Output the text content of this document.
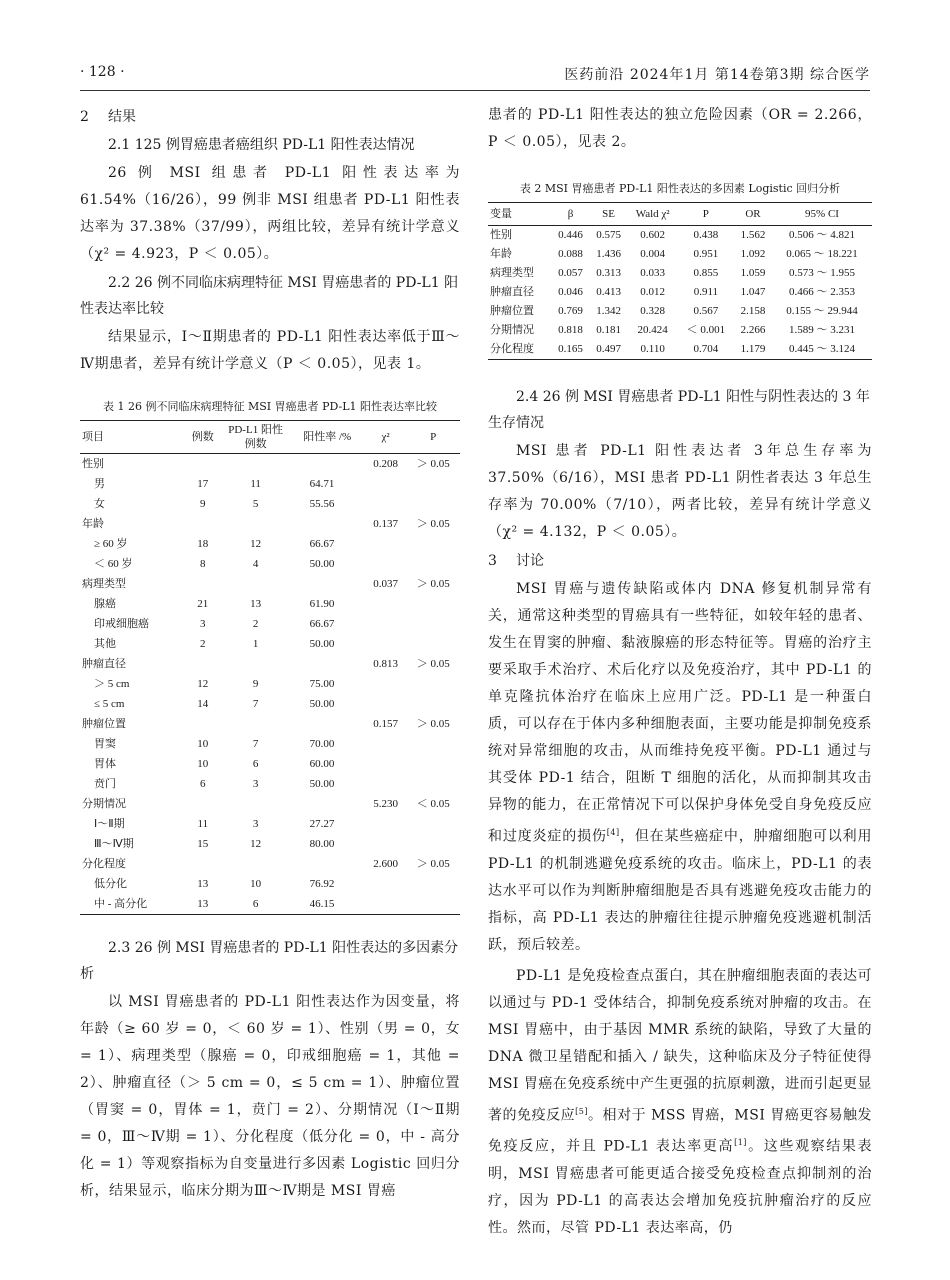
· 128 ·	医药前沿 2024年1月 第14卷第3期 综合医学
2 结果
2.1 125 例胃癌患者癌组织 PD-L1 阳性表达情况

26 例 MSI 组患者 PD-L1 阳性表达率为 61.54%（16/26），99 例非 MSI 组患者 PD-L1 阳性表达率为 37.38%（37/99），两组比较，差异有统计学意义（χ² = 4.923，P ＜ 0.05）。

2.2 26 例不同临床病理特征 MSI 胃癌患者的 PD-L1 阳性表达率比较

结果显示，Ⅰ～Ⅱ期患者的 PD-L1 阳性表达率低于Ⅲ～Ⅳ期患者，差异有统计学意义（P ＜ 0.05），见表 1。

表 1 26 例不同临床病理特征 MSI 胃癌患者 PD-L1 阳性表达率比较
项目	例数	PD-L1 阳性例数	阳性率 /%	χ²	P
性别				0.208	＞ 0.05
男	17	11	64.71		
女	9	5	55.56		
年龄				0.137	＞ 0.05
≥ 60 岁	18	12	66.67		
＜ 60 岁	8	4	50.00		
病理类型				0.037	＞ 0.05
腺癌	21	13	61.90		
印戒细胞癌	3	2	66.67		
其他	2	1	50.00		
肿瘤直径				0.813	＞ 0.05
＞ 5 cm	12	9	75.00		
≤ 5 cm	14	7	50.00		
肿瘤位置				0.157	＞ 0.05
胃窦	10	7	70.00		
胃体	10	6	60.00		
贲门	6	3	50.00		
分期情况				5.230	＜ 0.05
Ⅰ～Ⅱ期	11	3	27.27		
Ⅲ～Ⅳ期	15	12	80.00		
分化程度				2.600	＞ 0.05
低分化	13	10	76.92		
中 - 高分化	13	6	46.15		
2.3 26 例 MSI 胃癌患者的 PD-L1 阳性表达的多因素分析

以 MSI 胃癌患者的 PD-L1 阳性表达作为因变量，将年龄（≥ 60 岁 = 0，＜ 60 岁 = 1）、性别（男 = 0，女 = 1）、病理类型（腺癌 = 0，印戒细胞癌 = 1，其他 = 2）、肿瘤直径（＞ 5 cm = 0，≤ 5 cm = 1）、肿瘤位置（胃窦 = 0，胃体 = 1，贲门 = 2）、分期情况（Ⅰ～Ⅱ期 = 0，Ⅲ～Ⅳ期 = 1）、分化程度（低分化 = 0，中 - 高分化 = 1）等观察指标为自变量进行多因素 Logistic 回归分析，结果显示，临床分期为Ⅲ～Ⅳ期是 MSI 胃癌

患者的 PD-L1 阳性表达的独立危险因素（OR = 2.266，P ＜ 0.05），见表 2。

表 2 MSI 胃癌患者 PD-L1 阳性表达的多因素 Logistic 回归分析
变量	β	SE	Wald χ²	P	OR	95% CI
性别	0.446	0.575	0.602	0.438	1.562	0.506 ～ 4.821
年龄	0.088	1.436	0.004	0.951	1.092	0.065 ～ 18.221
病理类型	0.057	0.313	0.033	0.855	1.059	0.573 ～ 1.955
肿瘤直径	0.046	0.413	0.012	0.911	1.047	0.466 ～ 2.353
肿瘤位置	0.769	1.342	0.328	0.567	2.158	0.155 ～ 29.944
分期情况	0.818	0.181	20.424	＜ 0.001	2.266	1.589 ～ 3.231
分化程度	0.165	0.497	0.110	0.704	1.179	0.445 ～ 3.124
2.4 26 例 MSI 胃癌患者 PD-L1 阳性与阴性表达的 3 年生存情况

MSI 患者 PD-L1 阳性表达者 3年总生存率为 37.50%（6/16），MSI 患者 PD-L1 阴性者表达 3 年总生存率为 70.00%（7/10），两者比较，差异有统计学意义（χ² = 4.132，P ＜ 0.05）。

3 讨论

MSI 胃癌与遗传缺陷或体内 DNA 修复机制异常有关，通常这种类型的胃癌具有一些特征，如较年轻的患者、发生在胃窦的肿瘤、黏液腺癌的形态特征等。胃癌的治疗主要采取手术治疗、术后化疗以及免疫治疗，其中 PD-L1 的单克隆抗体治疗在临床上应用广泛。PD-L1 是一种蛋白质，可以存在于体内多种细胞表面，主要功能是抑制免疫系统对异常细胞的攻击，从而维持免疫平衡。PD-L1 通过与其受体 PD-1 结合，阻断 T 细胞的活化，从而抑制其攻击异物的能力，在正常情况下可以保护身体免受自身免疫反应和过度炎症的损伤[4]，但在某些癌症中，肿瘤细胞可以利用 PD-L1 的机制逃避免疫系统的攻击。临床上，PD-L1 的表达水平可以作为判断肿瘤细胞是否具有逃避免疫攻击能力的指标，高 PD-L1 表达的肿瘤往往提示肿瘤免疫逃避机制活跃，预后较差。

PD-L1 是免疫检查点蛋白，其在肿瘤细胞表面的表达可以通过与 PD-1 受体结合，抑制免疫系统对肿瘤的攻击。在 MSI 胃癌中，由于基因 MMR 系统的缺陷，导致了大量的 DNA 微卫星错配和插入 / 缺失，这种临床及分子特征使得 MSI 胃癌在免疫系统中产生更强的抗原刺激，进而引起更显著的免疫反应[5]。相对于 MSS 胃癌，MSI 胃癌更容易触发免疫反应，并且 PD-L1 表达率更高[1]。这些观察结果表明，MSI 胃癌患者可能更适合接受免疫检查点抑制剂的治疗，因为 PD-L1 的高表达会增加免疫抗肿瘤治疗的反应性。然而，尽管 PD-L1 表达率高，仍
